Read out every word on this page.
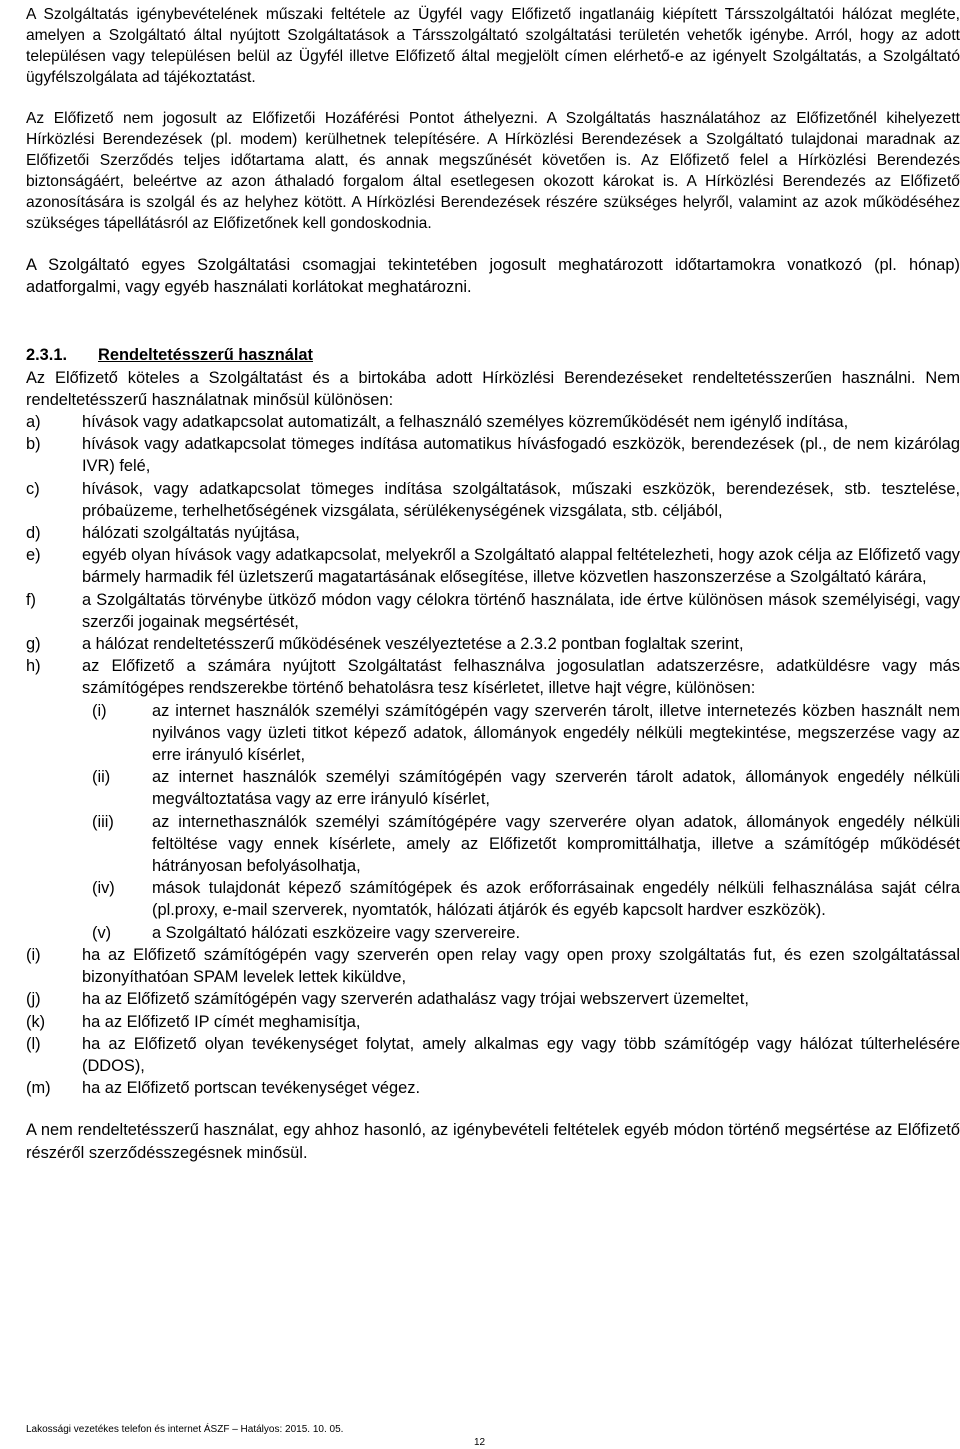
A Szolgáltatás igénybevételének műszaki feltétele az Ügyfél vagy Előfizető ingatlanáig kiépített Társszolgáltatói hálózat megléte, amelyen a Szolgáltató által nyújtott Szolgáltatások a Társszolgáltató szolgáltatási területén vehetők igénybe. Arról, hogy az adott településen vagy településen belül az Ügyfél illetve Előfizető által megjelölt címen elérhető-e az igényelt Szolgáltatás, a Szolgáltató ügyfélszolgálata ad tájékoztatást.

Az Előfizető nem jogosult az Előfizetői Hozáférési Pontot áthelyezni. A Szolgáltatás használatához az Előfizetőnél kihelyezett Hírközlési Berendezések (pl. modem) kerülhetnek telepítésére. A Hírközlési Berendezések a Szolgáltató tulajdonai maradnak az Előfizetői Szerződés teljes időtartama alatt, és annak megszűnését követően is. Az Előfizető felel a Hírközlési Berendezés biztonságáért, beleértve az azon áthaladó forgalom által esetlegesen okozott károkat is. A Hírközlési Berendezés az Előfizető azonosítására is szolgál és az helyhez kötött. A Hírközlési Berendezések részére szükséges helyről, valamint az azok működéséhez szükséges tápellátásról az Előfizetőnek kell gondoskodnia.

A Szolgáltató egyes Szolgáltatási csomagjai tekintetében jogosult meghatározott időtartamokra vonatkozó (pl. hónap) adatforgalmi, vagy egyéb használati korlátokat meghatározni.

2.3.1.	Rendeltetésszerű használat

Az Előfizető köteles a Szolgáltatást és a birtokába adott Hírközlési Berendezéseket rendeltetésszerűen használni. Nem rendeltetésszerű használatnak minősül különösen:

a)	hívások vagy adatkapcsolat automatizált, a felhasználó személyes közreműködését nem igénylő indítása,
b)	hívások vagy adatkapcsolat tömeges indítása automatikus hívásfogadó eszközök, berendezések (pl., de nem kizárólag IVR) felé,
c)	hívások, vagy adatkapcsolat tömeges indítása szolgáltatások, műszaki eszközök, berendezések, stb. tesztelése, próbaüzeme, terhelhetőségének vizsgálata, sérülékenységének vizsgálata, stb. céljából,
d)	hálózati szolgáltatás nyújtása,
e)	egyéb olyan hívások vagy adatkapcsolat, melyekről a Szolgáltató alappal feltételezheti, hogy azok célja az Előfizető vagy bármely harmadik fél üzletszerű magatartásának elősegítése, illetve közvetlen haszonszerzése a Szolgáltató kárára,
f)	a Szolgáltatás törvénybe ütköző módon vagy célokra történő használata, ide értve különösen mások személyiségi, vagy szerzői jogainak megsértését,
g)	a hálózat rendeltetésszerű működésének veszélyeztetése a 2.3.2 pontban foglaltak szerint,
h)	az Előfizető a számára nyújtott Szolgáltatást felhasználva jogosulatlan adatszerzésre, adatküldésre vagy más számítógépes rendszerekbe történő behatolásra tesz kísérletet, illetve hajt végre, különösen:
(i)	az internet használók személyi számítógépén vagy szerverén tárolt, illetve internetezés közben használt nem nyilvános vagy üzleti titkot képező adatok, állományok engedély nélküli megtekintése, megszerzése vagy az erre irányuló kísérlet,
(ii)	az internet használók személyi számítógépén vagy szerverén tárolt adatok, állományok engedély nélküli megváltoztatása vagy az erre irányuló kísérlet,
(iii)	az internethasználók személyi számítógépére vagy szerverére olyan adatok, állományok engedély nélküli feltöltése vagy ennek kísérlete, amely az Előfizetőt kompromittálhatja, illetve a számítógép működését hátrányosan befolyásolhatja,
(iv)	mások tulajdonát képező számítógépek és azok erőforrásainak engedély nélküli felhasználása saját célra (pl.proxy, e-mail szerverek, nyomtatók, hálózati átjárók és egyéb kapcsolt hardver eszközök).
(v)	a Szolgáltató hálózati eszközeire vagy szervereire.
(i)	ha az Előfizető számítógépén vagy szerverén open relay vagy open proxy szolgáltatás fut, és ezen szolgáltatással bizonyíthatóan SPAM levelek lettek kiküldve,
(j)	ha az Előfizető számítógépén vagy szerverén adathalász vagy trójai webszervert üzemeltet,
(k)	ha az Előfizető IP címét meghamisítja,
(l)	ha az Előfizető olyan tevékenységet folytat, amely alkalmas egy vagy több számítógép vagy hálózat túlterhelésére (DDOS),
(m)	ha az Előfizető portscan tevékenységet végez.

A nem rendeltetésszerű használat, egy ahhoz hasonló, az igénybevételi feltételek egyéb módon történő megsértése az Előfizető részéről szerződésszegésnek minősül.

Lakossági vezetékes telefon és internet ÁSZF – Hatályos: 2015. 10. 05.
12
